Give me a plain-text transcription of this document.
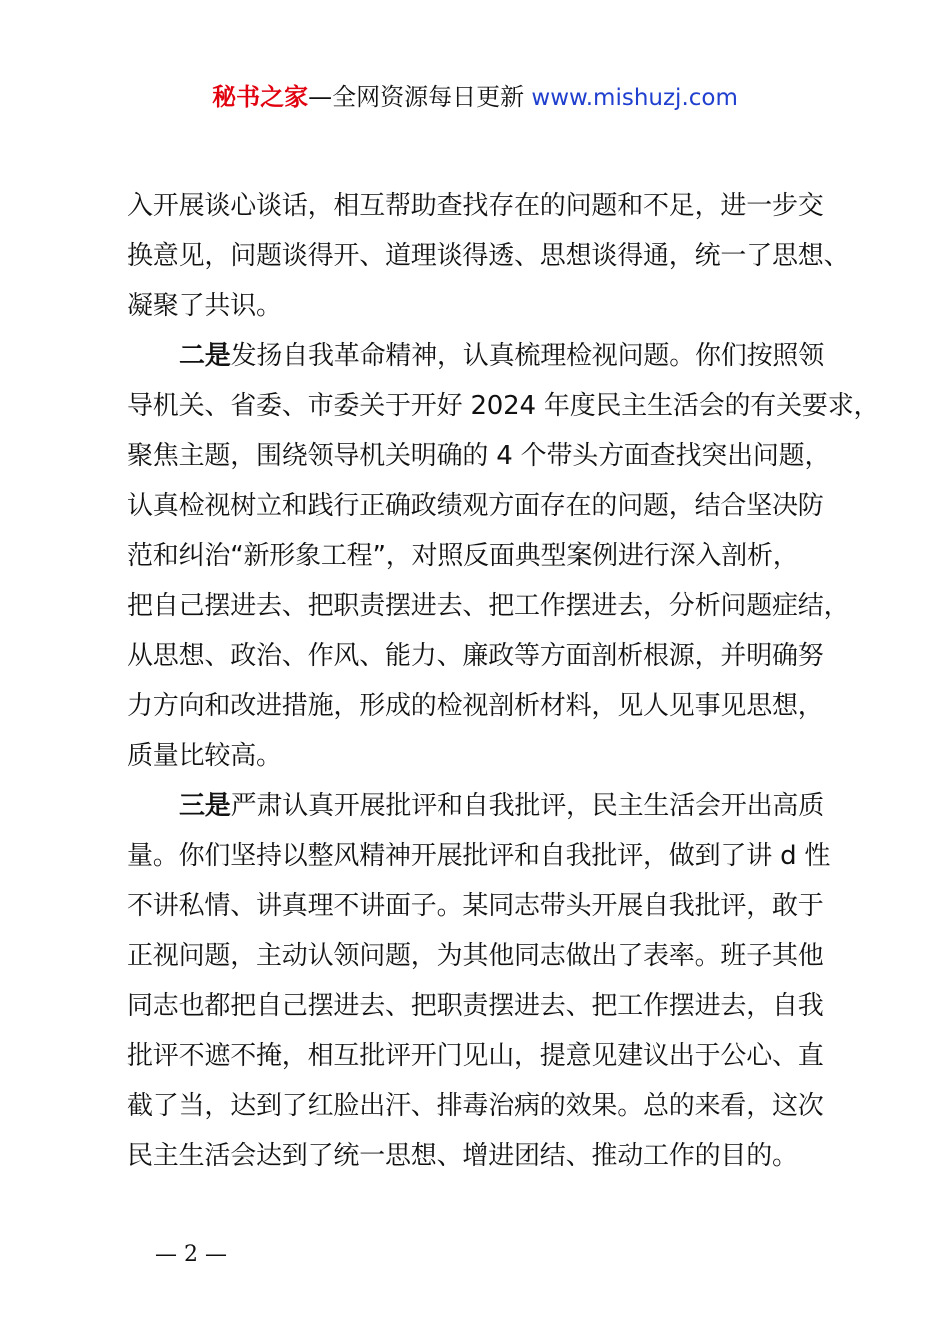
秘书之家—全网资源每日更新 www.mishuzj.com
入开展谈心谈话，相互帮助查找存在的问题和不足，进一步交
换意见，问题谈得开、道理谈得透、思想谈得通，统一了思想、
凝聚了共识。
二是发扬自我革命精神，认真梳理检视问题。你们按照领
导机关、省委、市委关于开好 2024 年度民主生活会的有关要求，
聚焦主题，围绕领导机关明确的 4 个带头方面查找突出问题，
认真检视树立和践行正确政绩观方面存在的问题，结合坚决防
范和纠治“新形象工程”，对照反面典型案例进行深入剖析，
把自己摆进去、把职责摆进去、把工作摆进去，分析问题症结，
从思想、政治、作风、能力、廉政等方面剖析根源，并明确努
力方向和改进措施，形成的检视剖析材料，见人见事见思想，
质量比较高。
三是严肃认真开展批评和自我批评，民主生活会开出高质
量。你们坚持以整风精神开展批评和自我批评，做到了讲 d 性
不讲私情、讲真理不讲面子。某同志带头开展自我批评，敢于
正视问题，主动认领问题，为其他同志做出了表率。班子其他
同志也都把自己摆进去、把职责摆进去、把工作摆进去，自我
批评不遮不掩，相互批评开门见山，提意见建议出于公心、直
截了当，达到了红脸出汗、排毒治病的效果。总的来看，这次
民主生活会达到了统一思想、增进团结、推动工作的目的。
— 2 —
